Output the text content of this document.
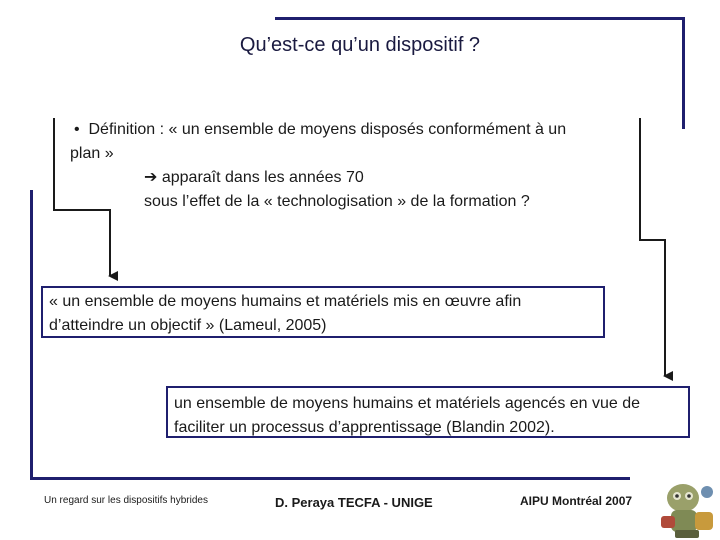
Qu’est-ce qu’un dispositif ?
• Définition : « un ensemble de moyens disposés conformément à un
plan »
➔ apparaît dans les années 70
sous l’effet de la « technologisation » de la formation ?
« un ensemble de moyens humains et matériels mis en œuvre afin d’atteindre un objectif » (Lameul, 2005)
un ensemble de moyens humains et matériels agencés en vue de faciliter un processus d’apprentissage (Blandin 2002).
Un regard sur les dispositifs hybrides	D. Peraya TECFA - UNIGE	AIPU Montréal 2007
